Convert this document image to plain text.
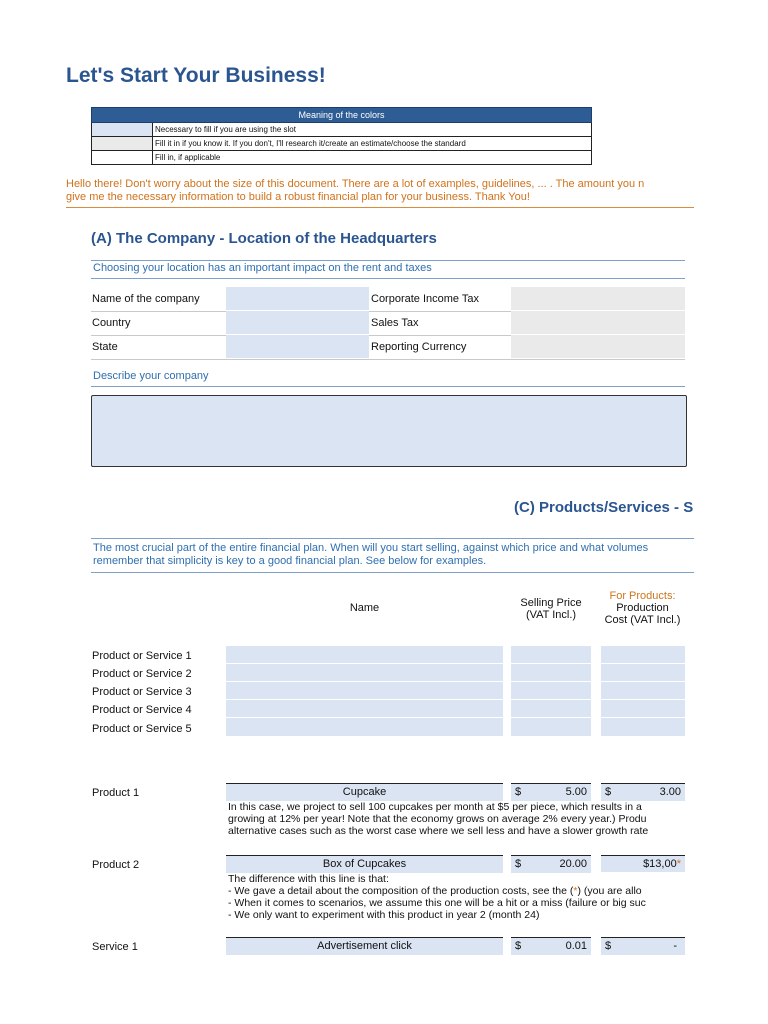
Let's Start Your Business!
Meaning of the colors
Necessary to fill if you are using the slot
Fill it in if you know it. If you don't, I'll research it/create an estimate/choose the standard
Fill in, if applicable
Hello there! Don't worry about the size of this document. There are a lot of examples, guidelines, ... . The amount you n
give me the necessary information to build a robust financial plan for your business. Thank You!
(A) The Company - Location of the Headquarters
Choosing your location has an important impact on the rent and taxes
Name of the company	Corporate Income Tax
Country	Sales Tax
State	Reporting Currency
Describe your company
(C) Products/Services - S
The most crucial part of the entire financial plan. When will you start selling, against which price and what volumes
remember that simplicity is key to a good financial plan. See below for examples.
Name	Selling Price
(VAT Incl.)
For Products:
Production
Cost (VAT Incl.)
Product or Service 1
Product or Service 2
Product or Service 3
Product or Service 4
Product or Service 5
Product 1	Cupcake	$	5.00 $	3.00
In this case, we project to sell 100 cupcakes per month at $5 per piece, which results in a
growing at 12% per year! Note that the economy grows on average 2% every year.) Produ
alternative cases such as the worst case where we sell less and have a slower growth rate
Product 2	Box of Cupcakes	$	20.00	$13,00*
The difference with this line is that:
- We gave a detail about the composition of the production costs, see the (*) (you are allo
- When it comes to scenarios, we assume this one will be a hit or a miss (failure or big suc
- We only want to experiment with this product in year 2 (month 24)
Service 1	Advertisement click	$	0.01 $	-
